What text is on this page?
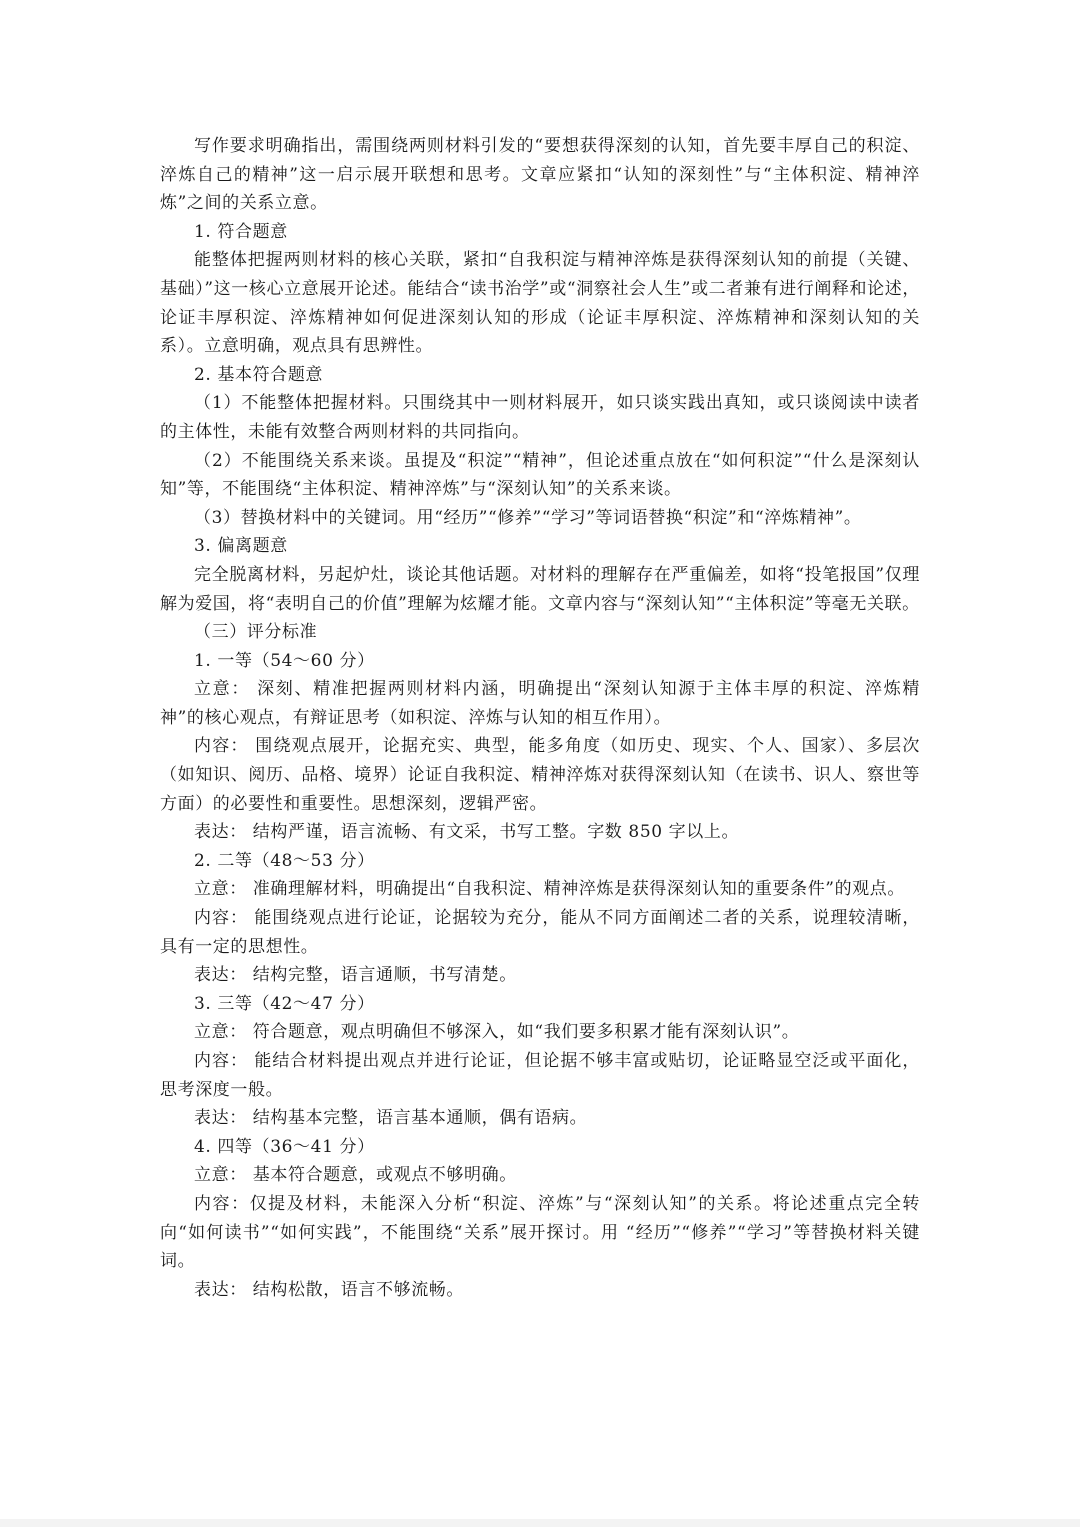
写作要求明确指出，需围绕两则材料引发的“要想获得深刻的认知，首先要丰厚自己的积淀、淬炼自己的精神”这一启示展开联想和思考。文章应紧扣“认知的深刻性”与“主体积淀、精神淬炼”之间的关系立意。

1. 符合题意

能整体把握两则材料的核心关联，紧扣“自我积淀与精神淬炼是获得深刻认知的前提（关键、基础）”这一核心立意展开论述。能结合“读书治学”或“洞察社会人生”或二者兼有进行阐释和论述，论证丰厚积淀、淬炼精神如何促进深刻认知的形成（论证丰厚积淀、淬炼精神和深刻认知的关系）。立意明确，观点具有思辨性。

2. 基本符合题意

（1）不能整体把握材料。只围绕其中一则材料展开，如只谈实践出真知，或只谈阅读中读者的主体性，未能有效整合两则材料的共同指向。

（2）不能围绕关系来谈。虽提及“积淀”“精神”，但论述重点放在“如何积淀”“什么是深刻认知”等，不能围绕“主体积淀、精神淬炼”与“深刻认知”的关系来谈。

（3）替换材料中的关键词。用“经历”“修养”“学习”等词语替换“积淀”和“淬炼精神”。

3. 偏离题意

完全脱离材料，另起炉灶，谈论其他话题。对材料的理解存在严重偏差，如将“投笔报国”仅理解为爱国，将“表明自己的价值”理解为炫耀才能。文章内容与“深刻认知”“主体积淀”等毫无关联。

（三）评分标准

1. 一等（54～60 分）

立意： 深刻、精准把握两则材料内涵，明确提出“深刻认知源于主体丰厚的积淀、淬炼精神”的核心观点，有辩证思考（如积淀、淬炼与认知的相互作用）。

内容： 围绕观点展开，论据充实、典型，能多角度（如历史、现实、个人、国家）、多层次（如知识、阅历、品格、境界）论证自我积淀、精神淬炼对获得深刻认知（在读书、识人、察世等方面）的必要性和重要性。思想深刻，逻辑严密。

表达： 结构严谨，语言流畅、有文采，书写工整。字数 850 字以上。

2. 二等（48～53 分）

立意： 准确理解材料，明确提出“自我积淀、精神淬炼是获得深刻认知的重要条件”的观点。

内容： 能围绕观点进行论证，论据较为充分，能从不同方面阐述二者的关系，说理较清晰，具有一定的思想性。

表达： 结构完整，语言通顺，书写清楚。

3. 三等（42～47 分）

立意： 符合题意，观点明确但不够深入，如“我们要多积累才能有深刻认识”。

内容： 能结合材料提出观点并进行论证，但论据不够丰富或贴切，论证略显空泛或平面化，思考深度一般。

表达： 结构基本完整，语言基本通顺，偶有语病。

4. 四等（36～41 分）

立意： 基本符合题意，或观点不够明确。

内容：仅提及材料，未能深入分析“积淀、淬炼”与“深刻认知”的关系。将论述重点完全转向“如何读书”“如何实践”，不能围绕“关系”展开探讨。用 “经历”“修养”“学习”等替换材料关键词。

表达： 结构松散，语言不够流畅。
